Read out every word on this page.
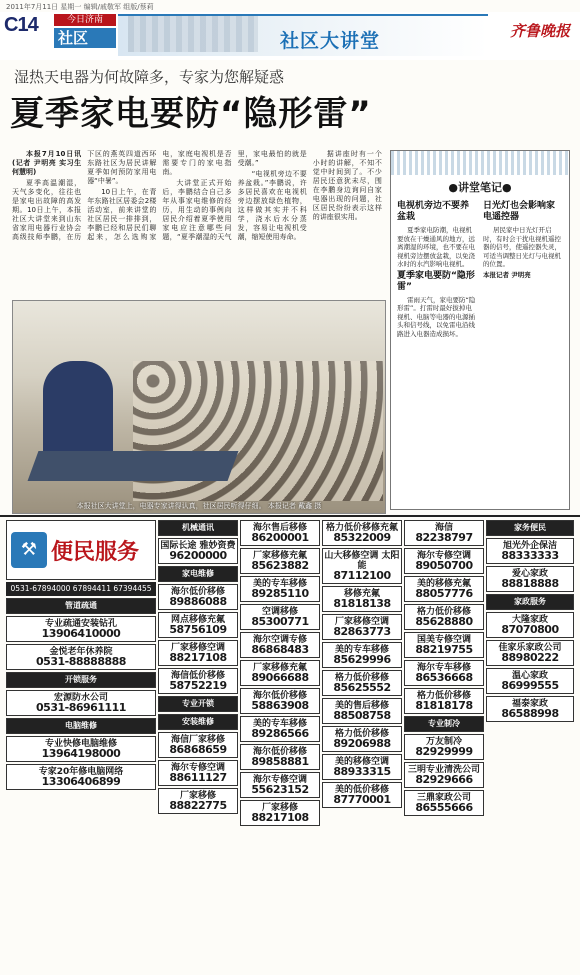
2011年7月11日 星期一 编辑/戚敬军 组版/蔡莉
C14	今日济南
社区	社区大讲堂	齐鲁晚报
湿热天电器为何故障多，专家为您解疑惑
夏季家电要防“隐形雷”

本报7月10日讯(记者 尹明亮 实习生 何慧明)

夏季高温潮湿，天气多变化，往往也是家电出故障的高发期。10日上午，本报社区大讲堂来到山东省家用电器行业协会高级技师李鹏，在历下区的燕英四道西环东路社区为居民讲解夏季如何预防家用电器“中暑”。

10日上午，在青年东路社区居委会2楼活动室，前来讲堂的社区居民一排排到，李鹏已经和居民们聊起来，怎么选购家电，家庭电视机是否需要专门的家电指南。

大讲堂正式开始后，李鹏结合自己多年从事家电维修的经历，用生动的事例向居民介绍着夏季使用家电应注意哪些问题，“夏季潮湿的天气里，家电最怕的就是受潮。”

“电视机旁边不要养盆栽。”李鹏说，许多居民喜欢在电视机旁边摆放绿色植物，这样做其实并不科学，浇水后水分蒸发，容易让电视机受潮，缩短使用寿命。

据讲座时有一个小时的讲解，不知不觉中时间到了。不少居民还意犹未尽，围在李鹏身边询问自家电器出现的问题，社区居民纷纷表示这样的讲座很实用。

本报社区大讲堂上，电器专家讲得认真，社区居民听得仔细。 本报记者 戴鑫 摄
●讲堂笔记●
电视机旁边不要养盆栽

夏季家电防潮，电视机要放在干燥通风的地方，远离潮湿的环境，也不要在电视机旁边摆放盆栽，以免浇水时的水汽影响电视机。

夏季家电要防“隐形雷”

雷雨天气，家电要防“隐形雷”。打雷时最好拔掉电视机、电脑等电器的电源插头和信号线，以免雷电沿线路进入电器造成损坏。

日光灯也会影响家电遥控器

居民家中日光灯开启时，有时会干扰电视机遥控器的信号，使遥控器失灵，可适当调整日光灯与电视机的位置。

本报记者 尹明亮

⚒ 便民服务
0531-67894000 67894411 67394455
管道疏通
专业疏通安装钻孔
13906410000
金悦老年休养院
0531-88888888
开锁服务
宏源防水公司
0531-86961111
电脑维修
专业快修电脑维修
13964198000
专家20年修电脑网络
13306406899
机械通讯
国际长途 雅妙资费
96200000
家电维修
海尔低价移修
89886088
网点移修充氟
58756109
厂家移修空调
88217108
海信低价移修
58752219
专业开锁
安装维修
海信厂家移修
86868659
海尔专修空调
88611127
厂家移修
88822775
海尔售后移修
86200001
厂家移修充氟
85623882
美的专车移修
89285110
空调移修
85300771
海尔空调专修
86868483
厂家移修充氟
89066688
海尔低价移修
58863908
美的专车移修
89286566
海尔低价移修
89858881
海尔专修空调
55623152
厂家移修
88217108
格力低价移修充氟
85322009
山大移修空调 太阳能
87112100
移修充氟
81818138
厂家移修空调
82863773
美的专车移修
85629996
格力低价移修
85625552
美的售后移修
88508758
格力低价移修
89206988
美的移修空调
88933315
美的低价移修
87770001
海信
82238797
海尔专修空调
89050700
美的移修充氟
88057776
格力低价移修
85628880
国美专修空调
88219755
海尔专车移修
86536668
格力低价移修
81818178
专业制冷
万友制冷
82929999
三明专业清洗公司
82929666
三鼎家政公司
86555666
家务便民
旭光外企保洁
88333333
爱心家政
88818888
家政服务
大隆家政
87070800
佳家乐家政公司
88980222
温心家政
86999555
福泰家政
86588998
